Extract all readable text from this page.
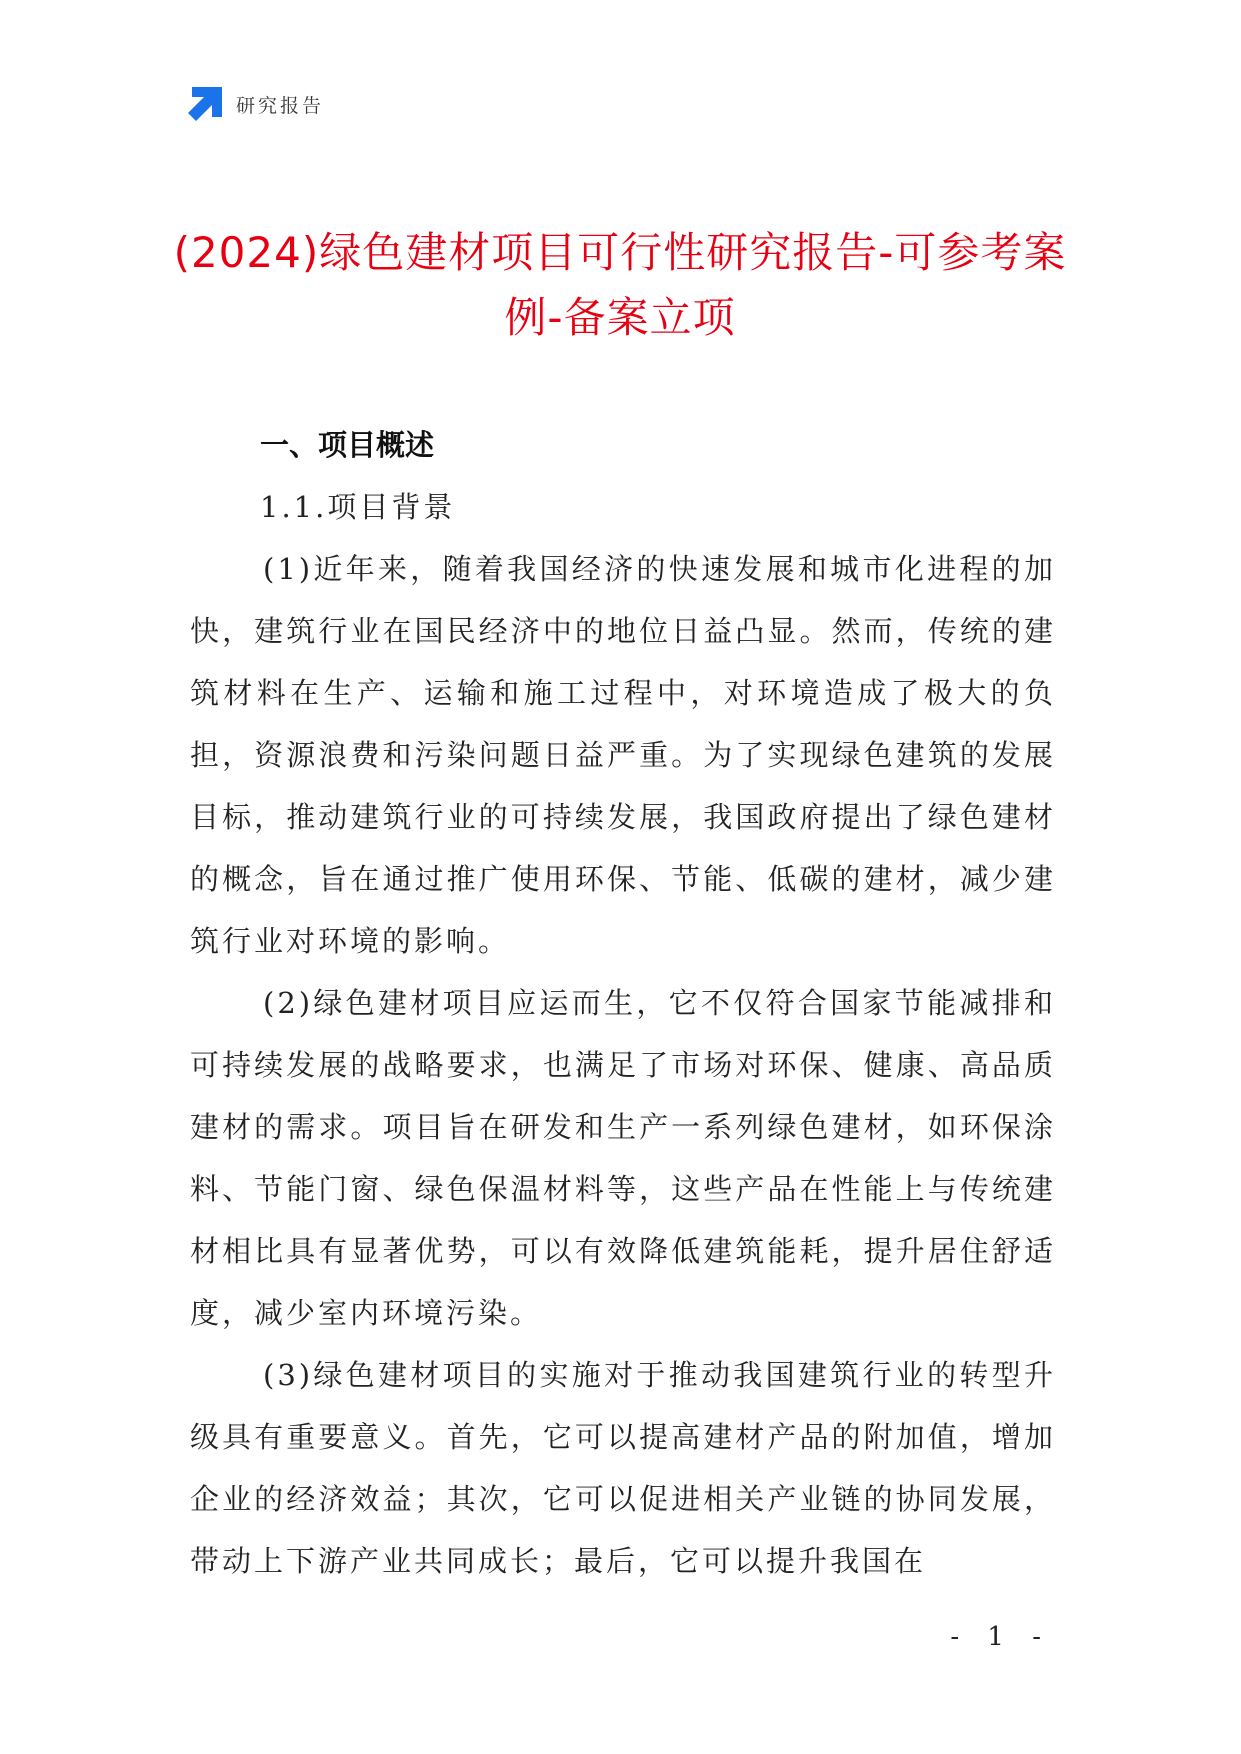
研究报告
(2024)绿色建材项目可行性研究报告-可参考案例-备案立项

一、项目概述

1.1.项目背景

(1)近年来，随着我国经济的快速发展和城市化进程的加快，建筑行业在国民经济中的地位日益凸显。然而，传统的建筑材料在生产、运输和施工过程中，对环境造成了极大的负担，资源浪费和污染问题日益严重。为了实现绿色建筑的发展目标，推动建筑行业的可持续发展，我国政府提出了绿色建材的概念，旨在通过推广使用环保、节能、低碳的建材，减少建筑行业对环境的影响。

(2)绿色建材项目应运而生，它不仅符合国家节能减排和可持续发展的战略要求，也满足了市场对环保、健康、高品质建材的需求。项目旨在研发和生产一系列绿色建材，如环保涂料、节能门窗、绿色保温材料等，这些产品在性能上与传统建材相比具有显著优势，可以有效降低建筑能耗，提升居住舒适度，减少室内环境污染。

(3)绿色建材项目的实施对于推动我国建筑行业的转型升级具有重要意义。首先，它可以提高建材产品的附加值，增加企业的经济效益；其次，它可以促进相关产业链的协同发展，带动上下游产业共同成长；最后，它可以提升我国在

- 1 -
